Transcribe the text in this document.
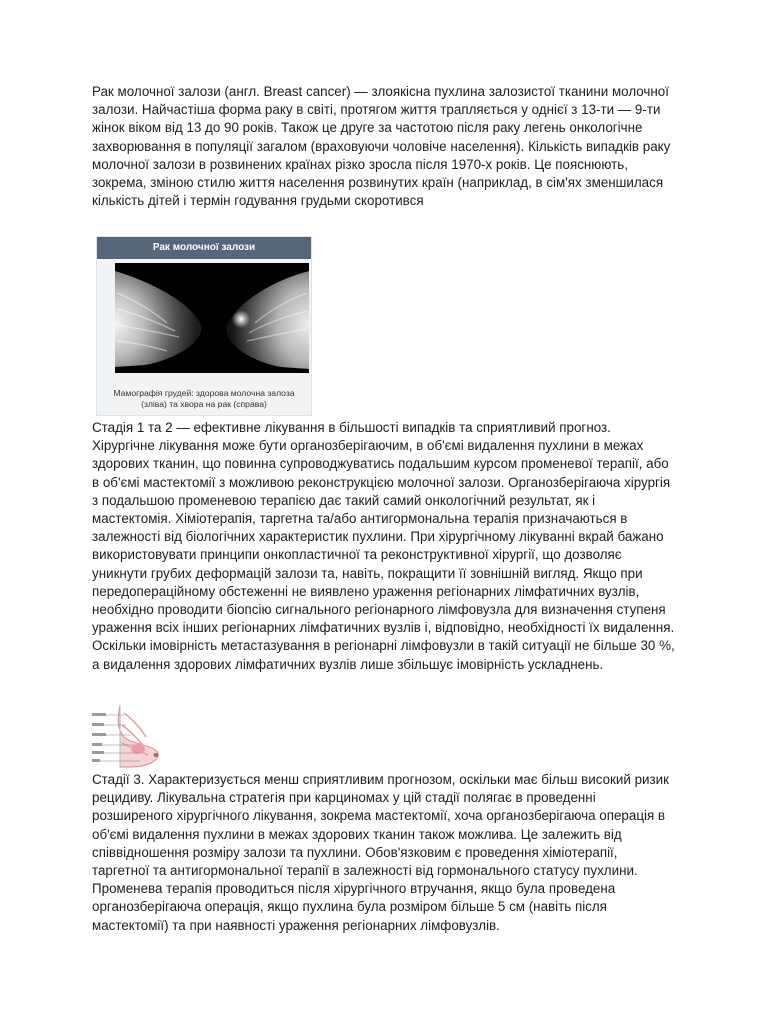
Рак молочної залози (англ. Breast cancer) — злоякісна пухлина залозистої тканини молочної залози. Найчастіша форма раку в світі, протягом життя трапляється у однієї з 13-ти — 9-ти жінок віком від 13 до 90 років. Також це друге за частотою після раку легень онкологічне захворювання в популяції загалом (враховуючи чоловіче населення). Кількість випадків раку молочної залози в розвинених країнах різко зросла після 1970-х років. Це пояснюють, зокрема, зміною стилю життя населення розвинутих країн (наприклад, в сім'ях зменшилася кількість дітей і термін годування грудьми скоротився

Рак молочної залози
Мамографія грудей: здорова молочна залоза
(зліва) та хвора на рак (справа)

Стадія 1 та 2 — ефективне лікування в більшості випадків та сприятливий прогноз. Хірургічне лікування може бути органозберігаючим, в об'ємі видалення пухлини в межах здорових тканин, що повинна супроводжуватись подальшим курсом променевої терапії, або в об'ємі мастектомії з можливою реконструкцією молочної залози. Органозберігаюча хірургія з подальшою променевою терапією дає такий самий онкологічний результат, як і мастектомія. Хіміотерапія, таргетна та/або антигормональна терапія призначаються в залежності від біологічних характеристик пухлини. При хірургічному лікуванні вкрай бажано використовувати принципи онкопластичної та реконструктивної хірургії, що дозволяє уникнути грубих деформацій залози та, навіть, покращити її зовнішній вигляд. Якщо при передопераційному обстеженні не виявлено ураження регіонарних лімфатичних вузлів, необхідно проводити біопсію сигнального регіонарного лімфовузла для визначення ступеня ураження всіх інших регіонарних лімфатичних вузлів і, відповідно, необхідності їх видалення. Оскільки імовірність метастазування в регіонарні лімфовузли в такій ситуації не більше 30 %, а видалення здорових лімфатичних вузлів лише збільшує імовірність ускладнень.

Стадії 3. Характеризується менш сприятливим прогнозом, оскільки має більш високий ризик рецидиву. Лікувальна стратегія при карциномах у цій стадії полягає в проведенні розширеного хірургічного лікування, зокрема мастектомії, хоча органозберігаюча операція в об'ємі видалення пухлини в межах здорових тканин також можлива. Це залежить від співвідношення розміру залози та пухлини. Обов'язковим є проведення хіміотерапії, таргетної та антигормональної терапії в залежності від гормонального статусу пухлини. Променева терапія проводиться після хірургічного втручання, якщо була проведена органозберігаюча операція, якщо пухлина була розміром більше 5 см (навіть після мастектомії) та при наявності ураження регіонарних лімфовузлів.
